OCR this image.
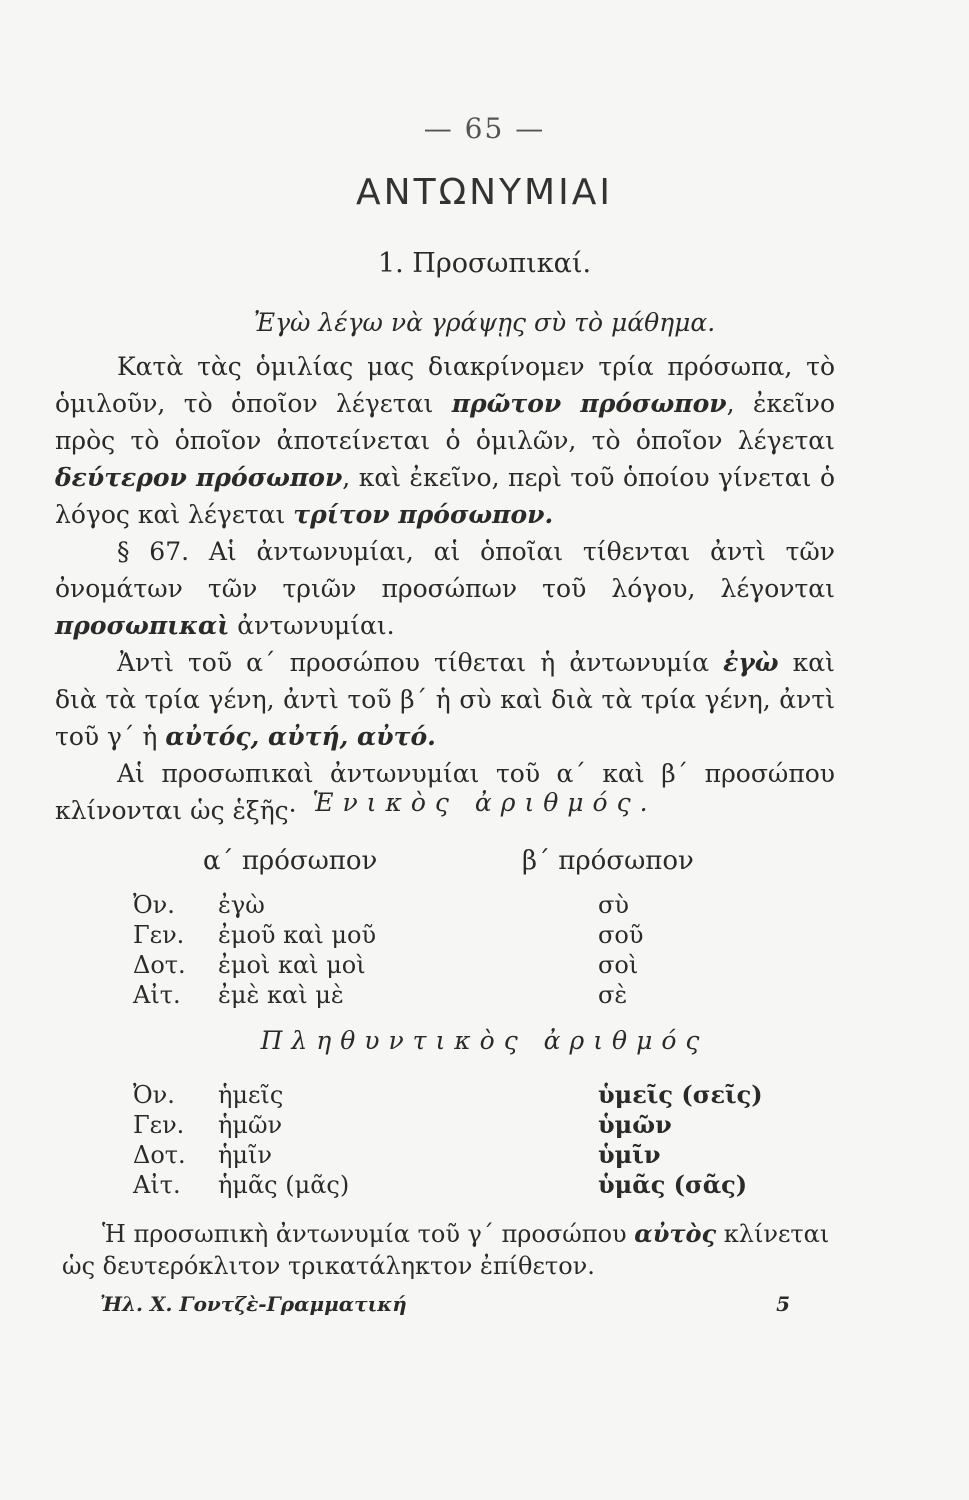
— 65 —
ΑΝΤΩΝΥΜΙΑΙ
1. Προσωπικαί.
Ἐγὼ λέγω νὰ γράψῃς σὺ τὸ μάθημα.

Κατὰ τὰς ὁμιλίας μας διακρίνομεν τρία πρόσωπα, τὸ ὁμιλοῦν, τὸ ὁποῖον λέγεται πρῶτον πρόσωπον, ἐκεῖνο πρὸς τὸ ὁποῖον ἀποτείνεται ὁ ὁμιλῶν, τὸ ὁποῖον λέγεται δεύτερον πρόσωπον, καὶ ἐκεῖνο, περὶ τοῦ ὁποίου γίνεται ὁ λόγος καὶ λέγεται τρίτον πρόσωπον.

§ 67. Αἱ ἀντωνυμίαι, αἱ ὁποῖαι τίθενται ἀντὶ τῶν ὀνομάτων τῶν τριῶν προσώπων τοῦ λόγου, λέγονται προσωπικαὶ ἀντωνυμίαι.

Ἀντὶ τοῦ α΄ προσώπου τίθεται ἡ ἀντωνυμία ἐγὼ καὶ διὰ τὰ τρία γένη, ἀντὶ τοῦ β΄ ἡ σὺ καὶ διὰ τὰ τρία γένη, ἀντὶ τοῦ γ΄ ἡ αὐτός, αὐτή, αὐτό.

Αἱ προσωπικαὶ ἀντωνυμίαι τοῦ α΄ καὶ β΄ προσώπου κλίνονται ὡς ἑξῆς· Ἑνικὸς ἀριθμός.
α΄ πρόσωπον	β΄ πρόσωπον
Ὀν.	ἐγὼ	σὺ
Γεν.	ἐμοῦ καὶ μοῦ	σοῦ
Δοτ.	ἐμοὶ καὶ μοὶ	σοὶ
Αἰτ.	ἐμὲ καὶ μὲ	σὲ
Πληθυντικὸς ἀριθμός
Ὀν.	ἡμεῖς	ὑμεῖς (σεῖς)
Γεν.	ἡμῶν	ὑμῶν
Δοτ.	ἡμῖν	ὑμῖν
Αἰτ.	ἡμᾶς (μᾶς)	ὑμᾶς (σᾶς)
Ἡ προσωπικὴ ἀντωνυμία τοῦ γ΄ προσώπου αὐτὸς κλίνεται ὡς δευτερόκλιτον τρικατάληκτον ἐπίθετον.
Ἠλ. Χ. Γοντζὲ-Γραμματική	5
